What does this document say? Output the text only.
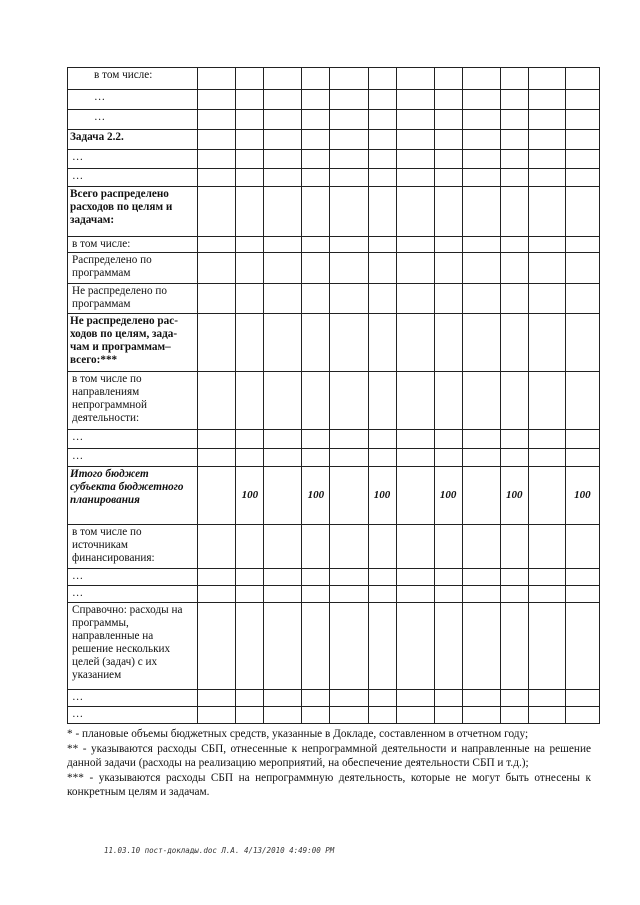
в том числе:												
…												
…												
Задача 2.2.												
…												
…												
Всего распределено расходов по целям и задачам:												
в том числе:												
Распределено по программам												
Не распределено по программам												
Не распределено рас-ходов по целям, зада-чам и программам–всего:***												
в том числе по направлениям непрограммной деятельности:												
…												
…												
Итого бюджет субъекта бюджетного планирования		100		100		100		100		100		100
в том числе по источникам финансирования:												
…												
…												
Справочно: расходы на программы, направленные на решение нескольких целей (задач) с их указанием												
…												
…												

* - плановые объемы бюджетных средств, указанные в Докладе, составленном в отчетном году;

** - указываются расходы СБП, отнесенные к непрограммной деятельности и направленные на решение данной задачи (расходы на реализацию мероприятий, на обеспечение деятельности СБП и т.д.);

*** - указываются расходы СБП на непрограммную деятельность, которые не могут быть отнесены к конкретным целям и задачам.

11.03.10 пост-доклады.doc Л.А. 4/13/2010 4:49:00 PM
